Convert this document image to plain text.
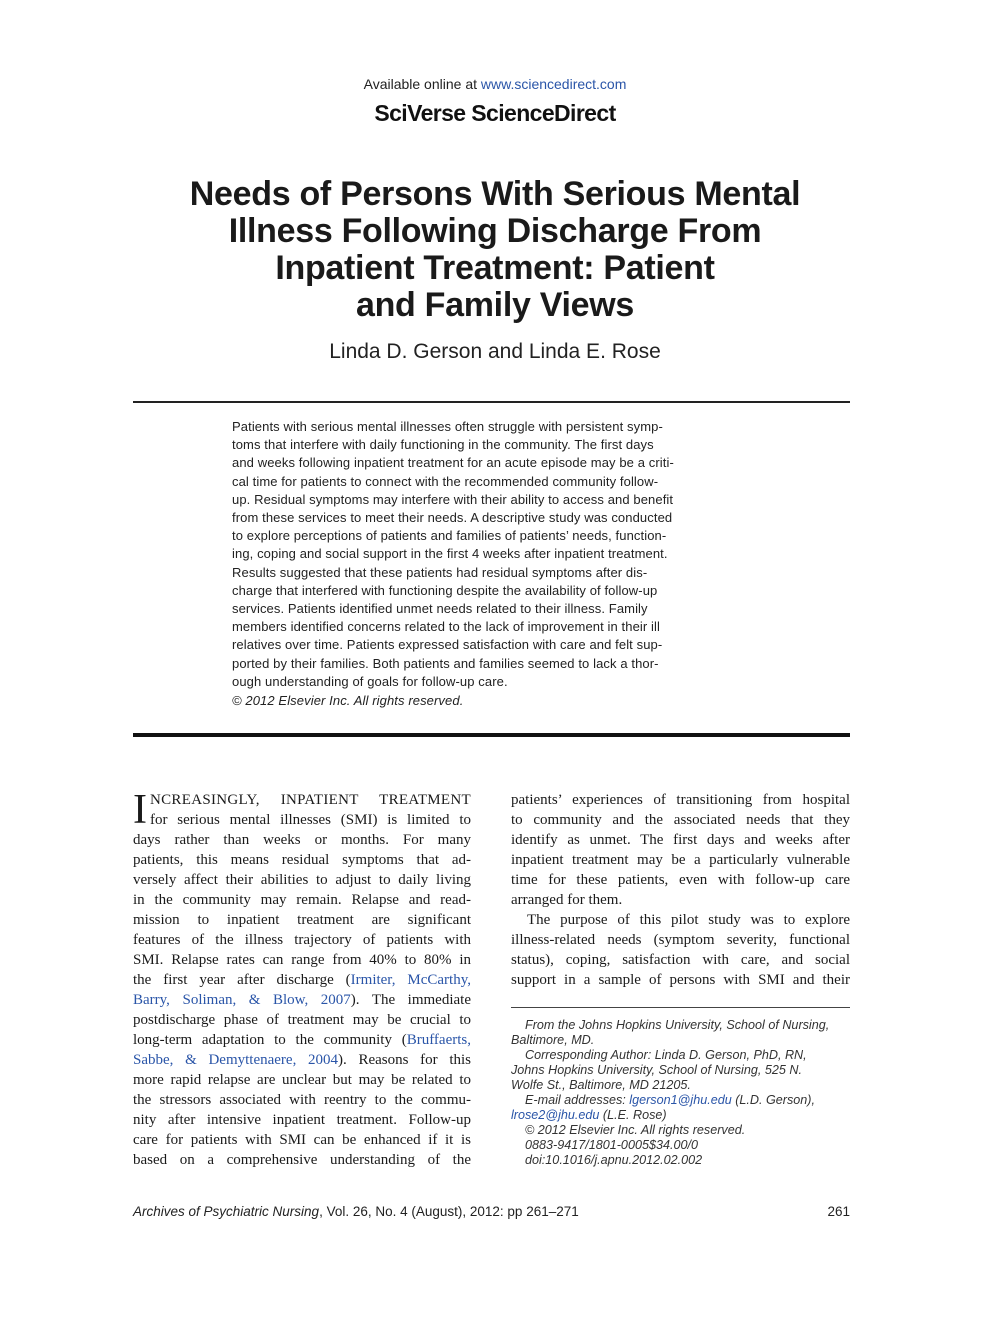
Available online at www.sciencedirect.com
SciVerse ScienceDirect
Needs of Persons With Serious Mental
Illness Following Discharge From
Inpatient Treatment: Patient
and Family Views
Linda D. Gerson and Linda E. Rose
Patients with serious mental illnesses often struggle with persistent symp-
toms that interfere with daily functioning in the community. The first days
and weeks following inpatient treatment for an acute episode may be a criti-
cal time for patients to connect with the recommended community follow-
up. Residual symptoms may interfere with their ability to access and benefit
from these services to meet their needs. A descriptive study was conducted
to explore perceptions of patients and families of patients’ needs, function-
ing, coping and social support in the first 4 weeks after inpatient treatment.
Results suggested that these patients had residual symptoms after dis-
charge that interfered with functioning despite the availability of follow-up
services. Patients identified unmet needs related to their illness. Family
members identified concerns related to the lack of improvement in their ill
relatives over time. Patients expressed satisfaction with care and felt sup-
ported by their families. Both patients and families seemed to lack a thor-
ough understanding of goals for follow-up care.
© 2012 Elsevier Inc. All rights reserved.
I NCREASINGLY, INPATIENT TREATMENT
for serious mental illnesses (SMI) is limited to
days rather than weeks or months. For many
patients, this means residual symptoms that ad-
versely affect their abilities to adjust to daily living
in the community may remain. Relapse and read-
mission to inpatient treatment are significant
features of the illness trajectory of patients with
SMI. Relapse rates can range from 40% to 80% in
the first year after discharge (Irmiter, McCarthy,
Barry, Soliman, & Blow, 2007). The immediate
postdischarge phase of treatment may be crucial to
long-term adaptation to the community (Bruffaerts,
Sabbe, & Demyttenaere, 2004). Reasons for this
more rapid relapse are unclear but may be related to
the stressors associated with reentry to the commu-
nity after intensive inpatient treatment. Follow-up
care for patients with SMI can be enhanced if it is
based on a comprehensive understanding of the
patients’ experiences of transitioning from hospital
to community and the associated needs that they
identify as unmet. The first days and weeks after
inpatient treatment may be a particularly vulnerable
time for these patients, even with follow-up care
arranged for them.
The purpose of this pilot study was to explore
illness-related needs (symptom severity, functional
status), coping, satisfaction with care, and social
support in a sample of persons with SMI and their
From the Johns Hopkins University, School of Nursing,
Baltimore, MD.
Corresponding Author: Linda D. Gerson, PhD, RN,
Johns Hopkins University, School of Nursing, 525 N.
Wolfe St., Baltimore, MD 21205.
E-mail addresses: lgerson1@jhu.edu (L.D. Gerson),
lrose2@jhu.edu (L.E. Rose)
© 2012 Elsevier Inc. All rights reserved.
0883-9417/1801-0005$34.00/0
doi:10.1016/j.apnu.2012.02.002
Archives of Psychiatric Nursing, Vol. 26, No. 4 (August), 2012: pp 261–271	261
